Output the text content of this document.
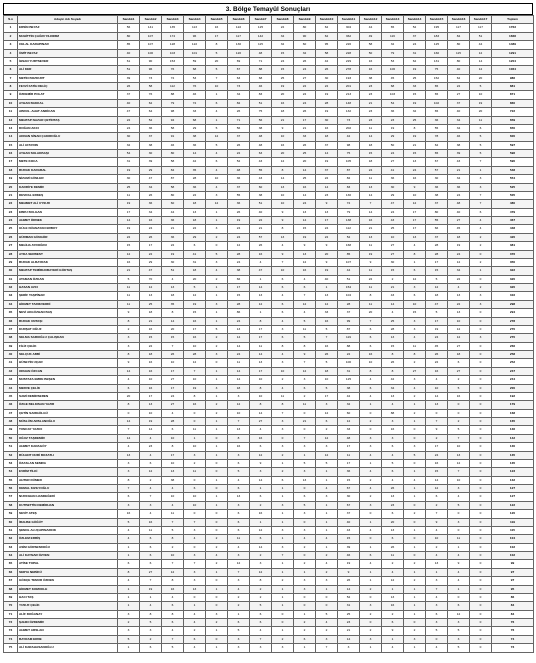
3. Bölge Temayül Sonuçları
S.n	Adayın Adı Soyadı	Sandık1	Sandık2	Sandık3	Sandık4	Sandık5	Sandık6	Sandık7	Sandık8	Sandık9	Sandık10	Sandık11	Sandık12	Sandık13	Sandık14	Sandık15	Sandık16	Sandık17	Toplam
1	ERSİN BEYAZ	56	141	135	113	16	122	125	22	80	62	304	44	65	52	195	117	117	1763
2	MUHİTTİN ÇAĞRI YILDIRIM	80	107	174	96	17	117	142	34	90	62	362	49	116	37	183	84	51	1668
3	CELAL KARAPINAR	85	107	128	122	8	130	115	32	60	95	226	58	32	24	125	80	44	1489
4	ÜMİT BEYAZ	40	100	103	101	5	120	48	15	32	58	228	50	79	31	160	115	12	1291
5	İHSAN YURTSEVER	61	90	153	59	20	69	71	24	26	42	229	16	53	62	131	80	14	1204
6	ALİ KER	51	96	76	68	5	67	88	15	24	26	278	16	106	19	75	40	12	1064
7	METİN BOZKURT	39	73	72	53	7	63	68	25	27	30	193	38	45	25	152	62	20	986
8	FEVZİ FATİH DELİÇ	26	58	112	76	10	73	46	19	22	22	201	23	68	33	65	22	5	881
9	ÖZDEMİR POLAT	37	76	88	46	1	34	83	20	22	19	213	23	103	15	65	27	10	871
10	AYHAN BAKKAL	40	62	79	72	6	82	51	16	24	28	148	21	54	19	102	37	19	860
11	ABDUL. AHAT ANDİCAN	47	64	98	33	4	26	75	18	26	19	132	23	36	32	65	40	20	722
12	MEHTAP NAZAR ÇETİNTAŞ	22	52	94	68	1	71	56	21	17	30	73	23	23	25	36	34	11	659
13	DOĞAN AKCI	24	36	58	29	5	56	38	9	21	16	202	11	19	8	55	34	6	650
14	ADNAN SİNAN ÇAKIROĞLU	30	37	91	38	12	37	48	10	33	18	42	14	29	19	78	46	5	600
15	ALİ AYAYDIN	32	38	46	36	5	26	48	16	26	37	98	18	50	21	62	38	5	597
16	AYHAN SOLAKBAŞI	54	30	80	14	4	22	63	20	25	14	75	15	24	15	65	39	5	596
17	METE KOCA	31	39	58	42	6	52	43	12	20	19	105	18	27	13	67	43	7	590
18	BURAK KARABAL	19	29	84	35	4	48	55	8	14	37	87	24	41	24	57	21	1	548
19	NİZAMİ GÜNLER	30	47	87	28	10	36	43	14	25	22	82	11	36	16	30	34	3	554
20	KADRİYE DEMİR	25	34	58	36	4	37	60	13	16	14	83	13	30	9	36	36	3	525
21	DEVRAL ERKEŞ	11	26	80	22	3	55	38	10	14	23	130	14	29	10	38	24	7	505
22	MEHMET ALİ UYSUR	19	36	60	18	12	36	51	10	24	9	72	7	47	12	37	48	7	480
23	EBRU BULGAN	17	34	44	13	1	26	40	9	13	13	79	14	24	17	80	40	6	479
24	AHMET ÖRNEK	14	16	36	18	1	19	22	9	14	17	138	16	43	17	55	27	4	467
25	GÜLE NÜANAYAN ERBOY	19	24	21	22	3	24	21	8	15	24	112	21	25	17	66	45	4	448
26	HÜRMAN GÜNGÖR	22	26	36	29	2	24	57	13	19	22	52	13	10	13	37	18	2	420
27	MELİHA AYDOĞDU	15	17	22	6	0	12	26	4	9	9	168	11	27	4	28	19	2	381
28	AYDA SERBEST	12	22	19	41	5	28	16	9	13	20	85	19	27	8	28	24	0	376
29	BURAK ALBAYRAK	16	29	30	31	3	24	4	7	12	9	107	9	30	1	17	12	2	350
30	MEHTAP TEMİRHOBAYERİ GÖKTAŞ	21	47	51	18	4	38	47	10	16	19	44	11	15	6	15	34	1	322
31	ATAMAN ÖZKAN	5	70	4	20	2	66	1	6	4	40	51	22	2	12	5	22	0	320
32	HASAN AVCI	11	12	13	5	1	17	14	6	6	1	154	11	21	3	12	4	2	320
33	ŞERİF TAŞPİNAR	11	13	18	12	1	15	13	4	7	13	104	8	43	6	18	13	3	316
34	HİKMET TARIKVERDİ	11	25	35	19	3	28	12	6	12	12	28	11	14	10	47	22	3	298
35	NEVİ AKGÜZHAN BAŞ	9	18	8	15	1	86	1	6	4	33	37	20	4	15	5	13	0	294
36	BURAK UNTAŞI	8	21	14	16	1	24	8	4	5	16	99	7	25	3	17	10	0	278
37	KURŞAT OĞUZ	2	16	20	17	5	13	17	3	11	5	87	6	28	3	19	12	0	270
38	SELMA SARIOĞLU ÇALIŞKAN	3	15	15	16	2	14	17	6	5	7	119	6	13	4	24	12	3	270
39	FİLİZ ÇELİK	3	22	7	10	2	14	11	8	8	16	88	6	15	11	45	27	0	266
40	SELÇUK ABBİ	8	18	26	28	3	24	14	4	9	26	22	16	8	8	26	18	0	258
41	HÜSEYİN UÇAR	9	16	10	12	0	11	13	3	7	5	100	10	26	2	22	6	0	252
42	ORHAN ÖZCAN	14	16	17	7	1	14	17	10	12	18	31	8	8	27	16	27	0	247
43	MUSTAFA EMRE BEŞEN	4	10	27	10	1	14	10	2	3	10	125	4	42	3	4	2	0	244
44	MERVE ÇELİK	6	16	17	19	3	18	8	4	6	5	38	6	34	4	10	5	0	200
45	SAMİ DEMİRSEREN	20	17	24	8	1	3	10	11	2	17	42	4	13	2	14	16	0	192
46	ÖZGE BELKISAN YAZIR	8	13	27	16	2	12	8	8	11	3	32	1	4	1	13	0	0	179
47	ÇETİN SARIGÖLGÜ	0	10	4	0	2	10	14	7	0	12	60	0	88	2	0	0	0	168
48	MÜSLÜM ARSLANOĞLU	14	19	28	0	1	7	27	3	21	6	12	2	3	1	7	2	0	165
49	TUNCAY YAZICI	7	14	6	11	1	13	4	3	0	2	33	0	16	0	9	5	0	136
50	OĞUZ TAŞDEMİR	14	4	10	1	0	8	16	0	7	12	48	3	3	0	2	7	0	142
51	AHMET KARAGÖY	4	23	8	10	1	16	6	3	3	3	17	3	6	3	17	10	0	130
52	BÜLENT NURİ BOZATLI	13	4	17	3	1	3	12	2	1	12	11	4	4	5	24	13	0	135
53	ÖZASLAN SEMRA	3	6	10	2	0	6	9	1	5	5	17	1	5	0	16	12	0	135
54	EVRİM TİLKİ	3	12	13	11	0	5	3	2	3	1	36	4	6	1	15	7	0	123
55	AHTER DÜMER	8	2	38	0	1	4	14	6	13	1	15	2	4	4	14	10	0	132
56	KEMAL KIZILYOĞLU	7	4	4	6	0	6	1	1	0	4	67	4	26	1	12	3	0	127
57	NURCIHAN HASDEĞERİ	6	7	10	10	1	13	6	1	6	3	30	2	13	1	6	4	0	127
58	KUTBETTİN DEMİRHAN	3	3	4	10	1	3	2	3	5	1	67	3	23	0	2	5	0	122
59	SEVİT ATEŞ	16	4	11	0	0	6	16	1	3	1	37	0	6	2	7	0	0	120
60	İRAHSE GÖĞÜT	5	16	7	7	0	6	1	1	0	1	40	1	20	0	9	3	0	119
61	ŞENOL ALUÇAPINARCIK	4	11	5	3	0	6	12	3	3	1	43	4	13	1	4	0	0	115
62	ÖZLEM ERBİŞ	4	6	8	4	2	11	6	1	4	4	15	0	6	0	10	11	0	104
63	ASİM GÜRSESDOĞU	1	6	2	0	2	4	14	3	2	1	39	1	26	1	2	1	0	102
64	ALİ KAYNAR ÖZVEN	1	6	10	3	4	3	2	7	0	2	46	6	11	0	4	4	0	102
65	ATİSE TOPAL	6	6	7	7	2	12	3	1	2	4	19	4	2	2	13	9	0	99
66	SERYA NEBİKÜ	8	27	12	3	1	7	12	1	1	2	9	1	4	1	1	4	0	97
67	GÖKÇE TEMUR ÖZDEN	4	7	8	3	0	3	8	2	3	3	26	1	12	2	3	4	0	97
68	HİKMET KOMUKLE	1	19	16	13	1	4	2	1	3	1	14	2	1	1	7	1	0	95
69	HACI TAŞ	1	1	4	0	0	2	2	1	0	0	52	0	13	1	4	0	0	86
70	YUSUF ÇELİK	1	4	6	1	0	2	5	1	0	0	31	3	16	1	3	6	0	84
71	ALİF DOĞANAY	3	8	8	4	3	1	6	0	1	5	25	2	2	1	6	12	0	84
72	ŞAHIN ÖZDEMİR	2	5	6	4	2	6	6	0	2	4	23	0	6	0	3	3	0	76
73	AHMET ARSLAN	3	3	4	2	1	5	4	1	2	2	21	2	9	2	5	5	0	76
74	BAYRAM ERDE	5	2	7	6	0	3	7	2	6	3	14	3	1	3	0	3	0	74
75	ALİ KARAHASANOĞLU	1	6	5	4	1	3	3	3	1	7	3	1	4	1	4	5	0	73
